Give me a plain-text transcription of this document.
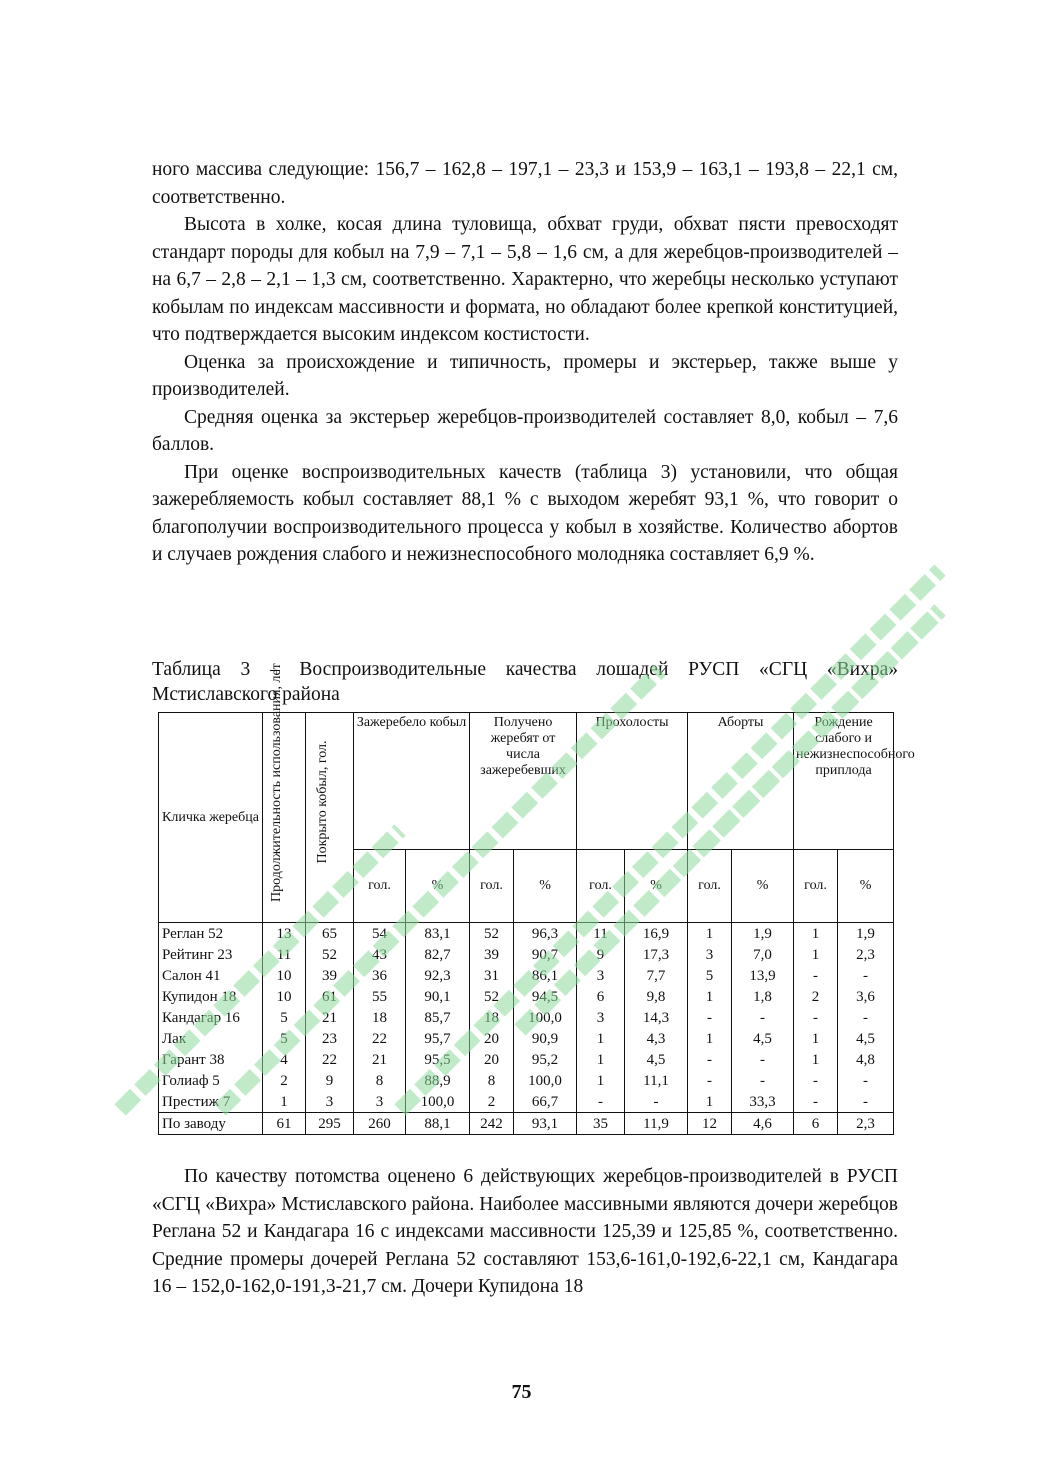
ного массива следующие: 156,7 – 162,8 – 197,1 – 23,3 и 153,9 – 163,1 – 193,8 – 22,1 см, соответственно.

Высота в холке, косая длина туловища, обхват груди, обхват пясти превосходят стандарт породы для кобыл на 7,9 – 7,1 – 5,8 – 1,6 см, а для жеребцов-производителей – на 6,7 – 2,8 – 2,1 – 1,3 см, соответственно. Характерно, что жеребцы несколько уступают кобылам по индексам массивности и формата, но обладают более крепкой конституцией, что подтверждается высоким индексом костистости.

Оценка за происхождение и типичность, промеры и экстерьер, также выше у производителей.

Средняя оценка за экстерьер жеребцов-производителей составляет 8,0, кобыл – 7,6 баллов.

При оценке воспроизводительных качеств (таблица 3) установили, что общая зажеребляемость кобыл составляет 88,1 % с выходом жеребят 93,1 %, что говорит о благополучии воспроизводительного процесса у кобыл в хозяйстве. Количество абортов и случаев рождения слабого и нежизнеспособного молодняка составляет 6,9 %.

Таблица 3 – Воспроизводительные качества лошадей РУСП «СГЦ «Вихра» Мстиславского района
Кличка жеребца	Продолжительность использования, лет	Покрыто кобыл, гол.	Зажеребело кобыл		Получено жеребят от числа зажеребевших		Прохолосты		Аборты		Рождение слабого и нежизнеспособного приплода	
			гол.	%	гол.	%	гол.	%	гол.	%	гол.	%
Реглан 52	13	65	54	83,1	52	96,3	11	16,9	1	1,9	1	1,9
Рейтинг 23	11	52	43	82,7	39	90,7	9	17,3	3	7,0	1	2,3
Салон 41	10	39	36	92,3	31	86,1	3	7,7	5	13,9	-	-
Купидон 18	10	61	55	90,1	52	94,5	6	9,8	1	1,8	2	3,6
Кандагар 16	5	21	18	85,7	18	100,0	3	14,3	-	-	-	-
Лак	5	23	22	95,7	20	90,9	1	4,3	1	4,5	1	4,5
Гарант 38	4	22	21	95,5	20	95,2	1	4,5	-	-	1	4,8
Голиаф 5	2	9	8	88,9	8	100,0	1	11,1	-	-	-	-
Престиж 7	1	3	3	100,0	2	66,7	-	-	1	33,3	-	-
По заводу	61	295	260	88,1	242	93,1	35	11,9	12	4,6	6	2,3

По качеству потомства оценено 6 действующих жеребцов-производителей в РУСП «СГЦ «Вихра» Мстиславского района. Наиболее массивными являются дочери жеребцов Реглана 52 и Кандагара 16 с индексами массивности 125,39 и 125,85 %, соответственно. Средние промеры дочерей Реглана 52 составляют 153,6-161,0-192,6-22,1 см, Кандагара 16 – 152,0-162,0-191,3-21,7 см. Дочери Купидона 18

75
